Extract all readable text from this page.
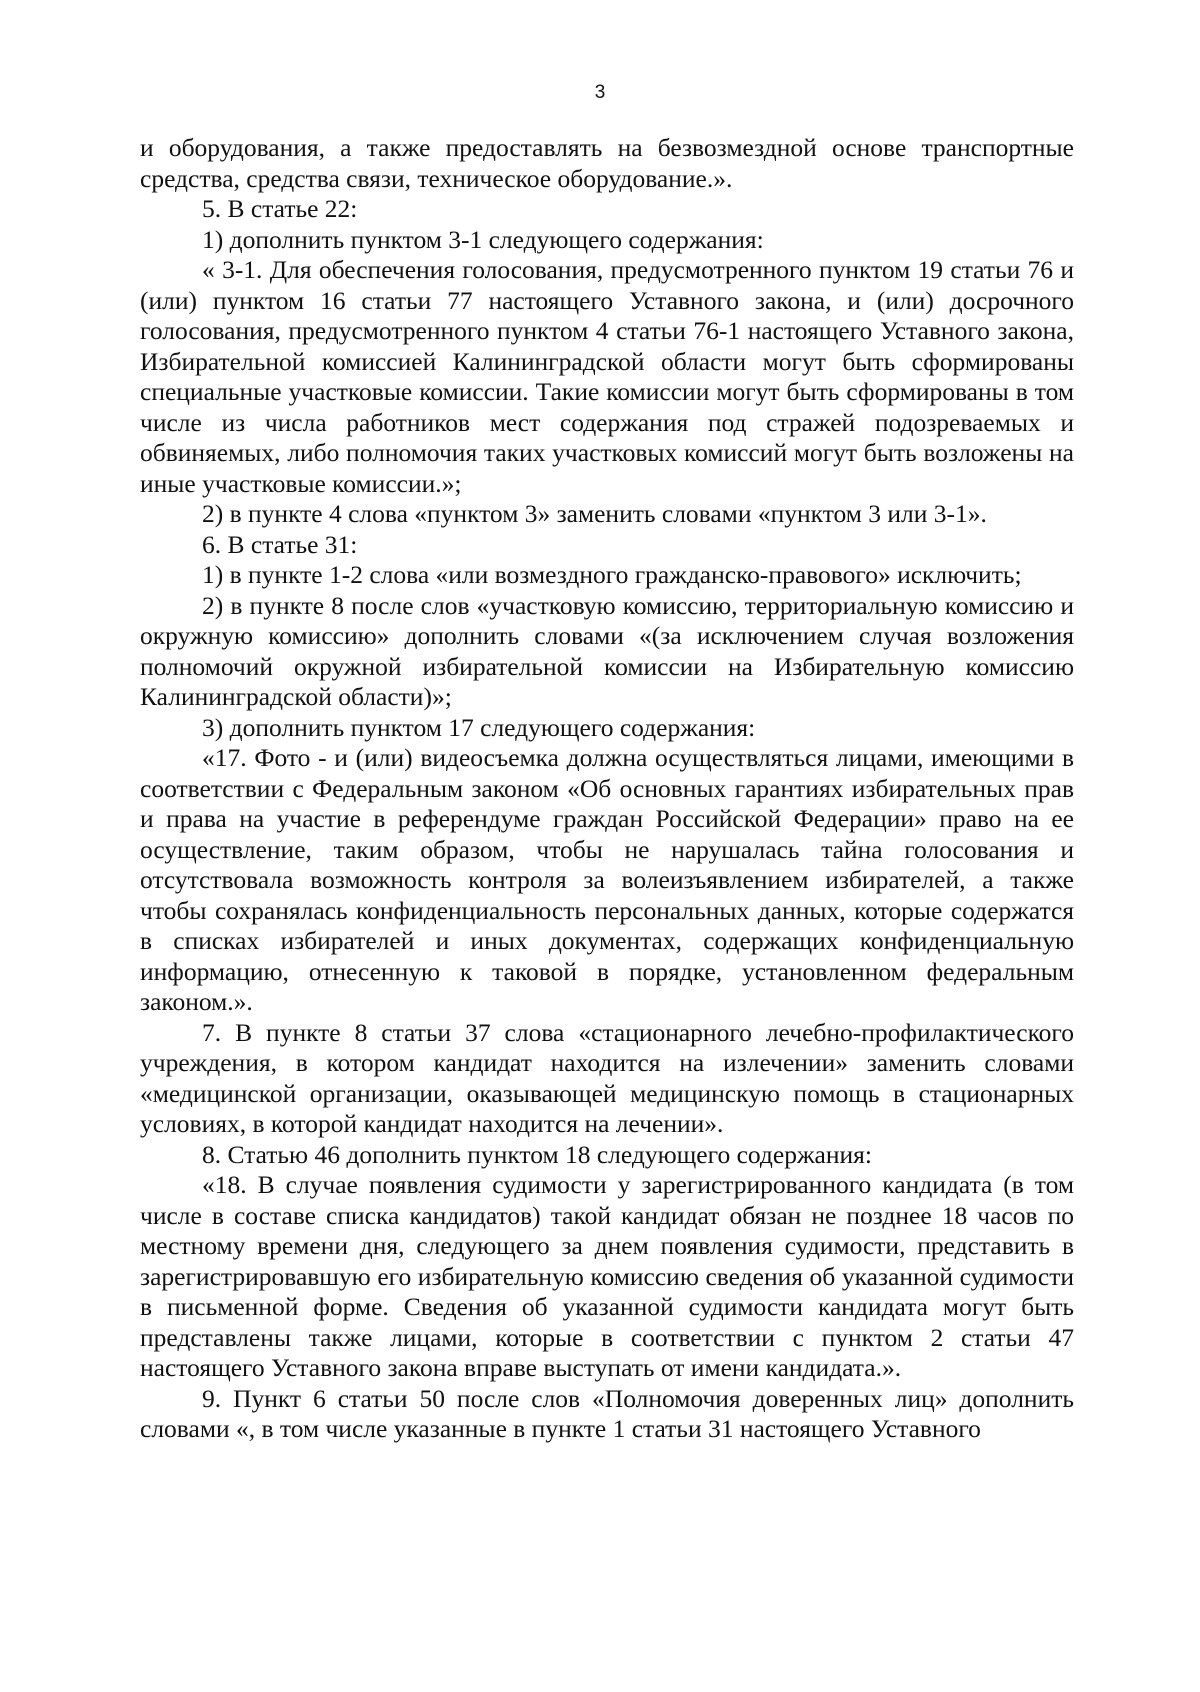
3

и оборудования, а также предоставлять на безвозмездной основе транспортные средства, средства связи, техническое оборудование.».

5. В статье 22:

1) дополнить пунктом 3-1 следующего содержания:

« 3-1. Для обеспечения голосования, предусмотренного пунктом 19 статьи 76 и (или) пунктом 16 статьи 77 настоящего Уставного закона, и (или) досрочного голосования, предусмотренного пунктом 4 статьи 76-1 настоящего Уставного закона, Избирательной комиссией Калининградской области могут быть сформированы специальные участковые комиссии. Такие комиссии могут быть сформированы в том числе из числа работников мест содержания под стражей подозреваемых и обвиняемых, либо полномочия таких участковых комиссий могут быть возложены на иные участковые комиссии.»;

2) в пункте 4 слова «пунктом 3» заменить словами «пунктом 3 или 3-1».

6. В статье 31:

1) в пункте 1-2 слова «или возмездного гражданско-правового» исключить;

2) в пункте 8 после слов «участковую комиссию, территориальную комиссию и окружную комиссию» дополнить словами «(за исключением случая возложения полномочий окружной избирательной комиссии на Избирательную комиссию Калининградской области)»;

3) дополнить пунктом 17 следующего содержания:

«17. Фото - и (или) видеосъемка должна осуществляться лицами, имеющими в соответствии с Федеральным законом «Об основных гарантиях избирательных прав и права на участие в референдуме граждан Российской Федерации» право на ее осуществление, таким образом, чтобы не нарушалась тайна голосования и отсутствовала возможность контроля за волеизъявлением избирателей, а также чтобы сохранялась конфиденциальность персональных данных, которые содержатся в списках избирателей и иных документах, содержащих конфиденциальную информацию, отнесенную к таковой в порядке, установленном федеральным законом.».

7. В пункте 8 статьи 37 слова «стационарного лечебно-профилактического учреждения, в котором кандидат находится на излечении» заменить словами «медицинской организации, оказывающей медицинскую помощь в стационарных условиях, в которой кандидат находится на лечении».

8. Статью 46 дополнить пунктом 18 следующего содержания:

«18. В случае появления судимости у зарегистрированного кандидата (в том числе в составе списка кандидатов) такой кандидат обязан не позднее 18 часов по местному времени дня, следующего за днем появления судимости, представить в зарегистрировавшую его избирательную комиссию сведения об указанной судимости в письменной форме. Сведения об указанной судимости кандидата могут быть представлены также лицами, которые в соответствии с пунктом 2 статьи 47 настоящего Уставного закона вправе выступать от имени кандидата.».

9. Пункт 6 статьи 50 после слов «Полномочия доверенных лиц» дополнить словами «, в том числе указанные в пункте 1 статьи 31 настоящего Уставного
